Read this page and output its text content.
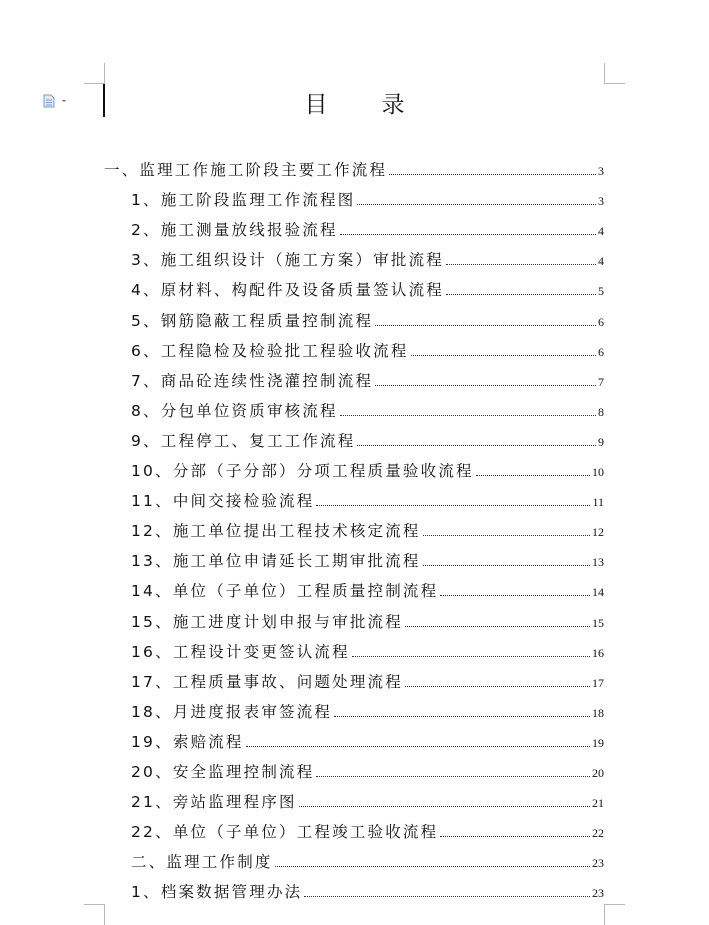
目 录
一、监理工作施工阶段主要工作流程	3
1、施工阶段监理工作流程图	3
2、施工测量放线报验流程	4
3、施工组织设计（施工方案）审批流程	4
4、原材料、构配件及设备质量签认流程	5
5、钢筋隐蔽工程质量控制流程	6
6、工程隐检及检验批工程验收流程	6
7、商品砼连续性浇灌控制流程	7
8、分包单位资质审核流程	8
9、工程停工、复工工作流程	9
10、分部（子分部）分项工程质量验收流程	10
11、中间交接检验流程	11
12、施工单位提出工程技术核定流程	12
13、施工单位申请延长工期审批流程	13
14、单位（子单位）工程质量控制流程	14
15、施工进度计划申报与审批流程	15
16、工程设计变更签认流程	16
17、工程质量事故、问题处理流程	17
18、月进度报表审签流程	18
19、索赔流程	19
20、安全监理控制流程	20
21、旁站监理程序图	21
22、单位（子单位）工程竣工验收流程	22
二、监理工作制度	23
1、档案数据管理办法	23
